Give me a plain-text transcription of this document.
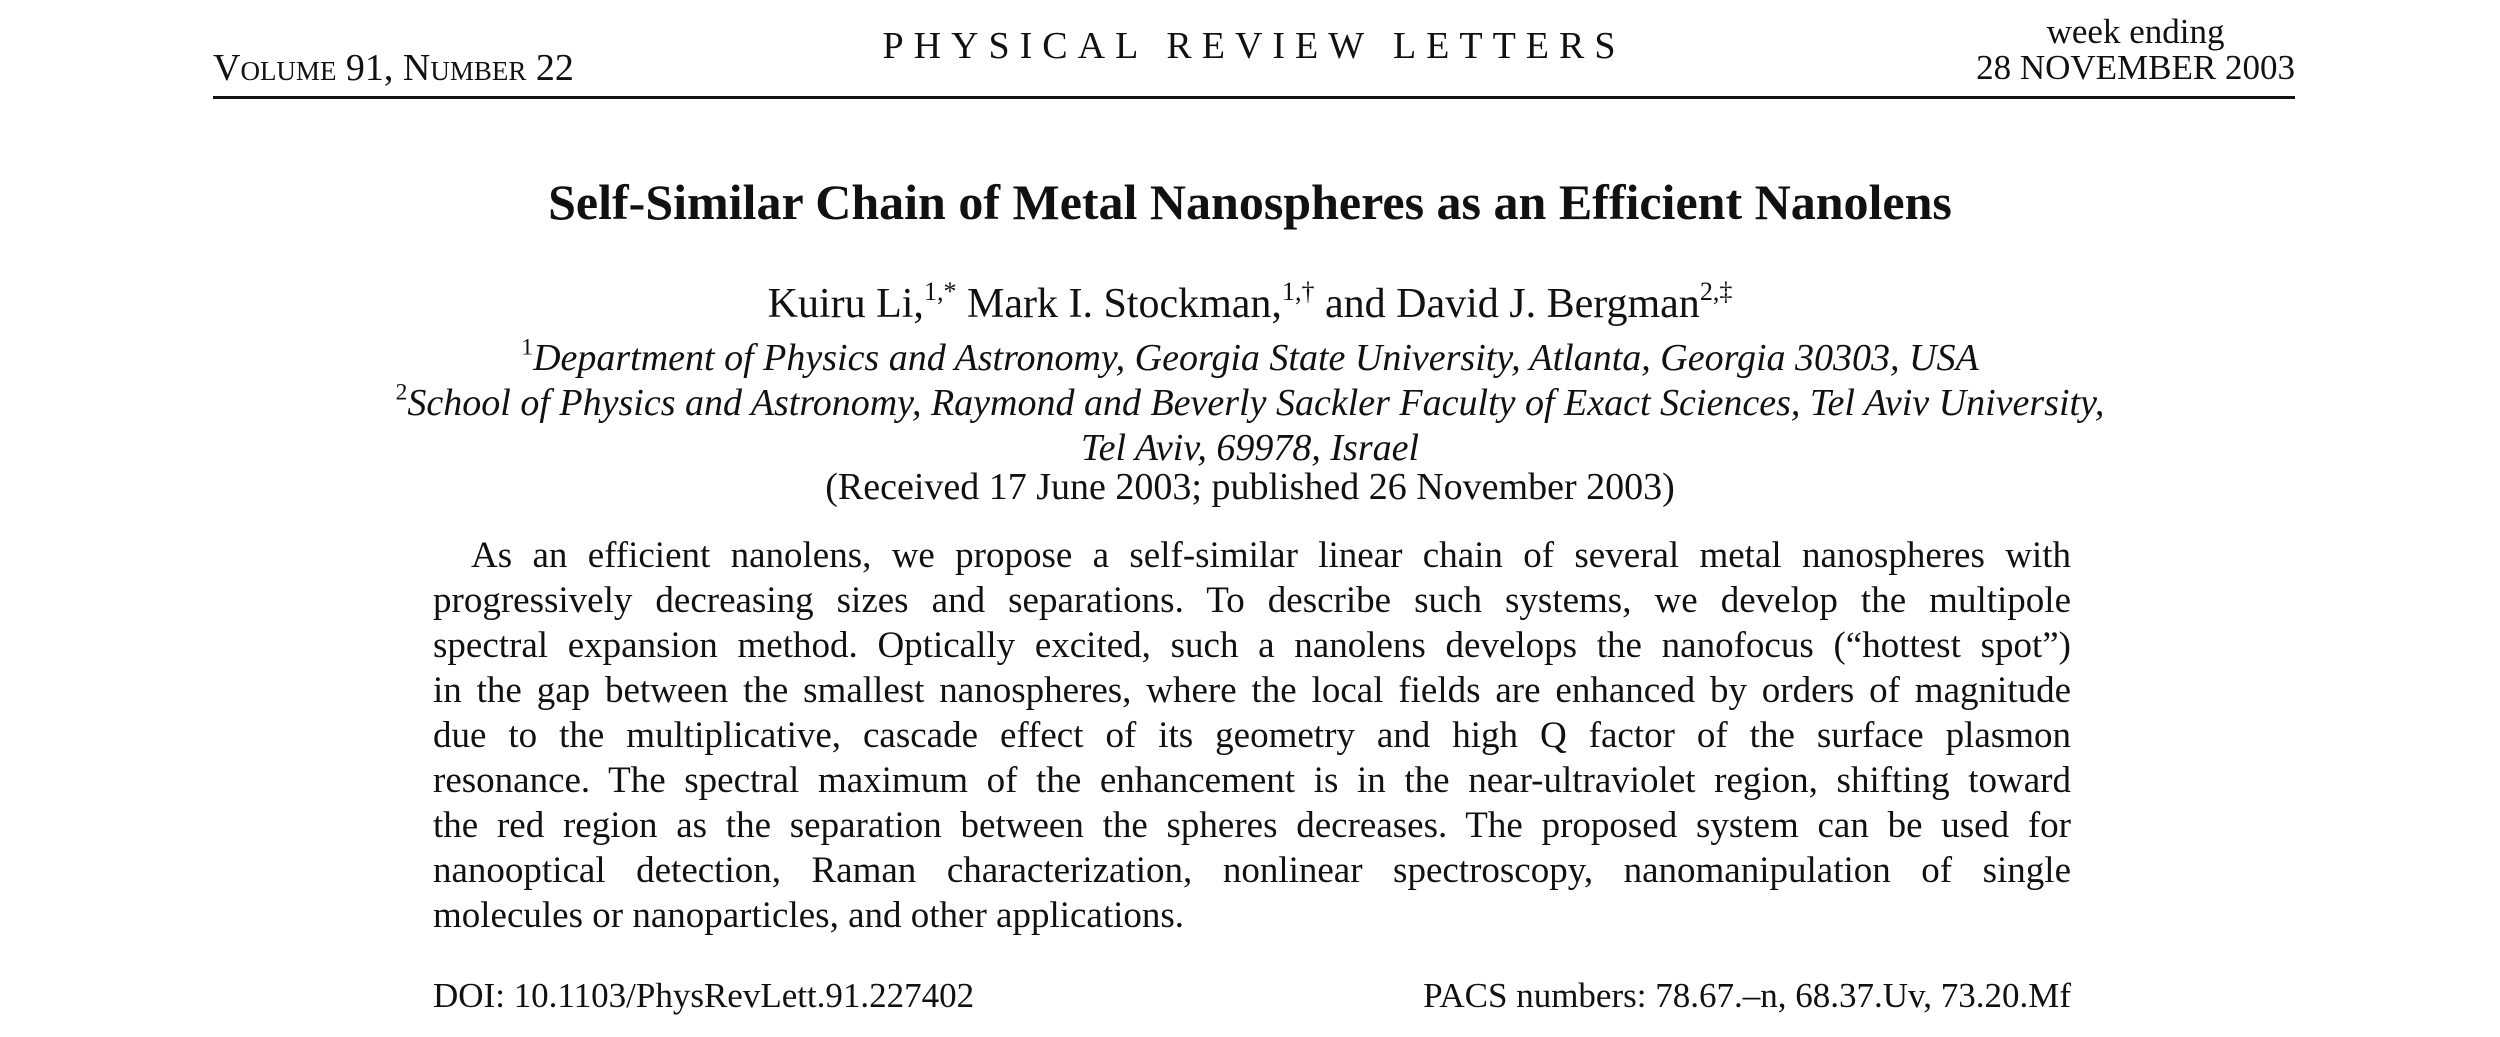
Volume 91, Number 22
PHYSICAL REVIEW LETTERS	week ending
28 NOVEMBER 2003
Self-Similar Chain of Metal Nanospheres as an Efficient Nanolens
Kuiru Li,$^{1,*}$ Mark I. Stockman,$^{1,\dagger}$ and David J. Bergman$^{2,\ddagger}$
$^1$Department of Physics and Astronomy, Georgia State University, Atlanta, Georgia 30303, USA
$^2$School of Physics and Astronomy, Raymond and Beverly Sackler Faculty of Exact Sciences, Tel Aviv University,
Tel Aviv, 69978, Israel
(Received 17 June 2003; published 26 November 2003)
As an efficient nanolens, we propose a self-similar linear chain of several metal nanospheres with
progressively decreasing sizes and separations. To describe such systems, we develop the multipole
spectral expansion method. Optically excited, such a nanolens develops the nanofocus (“hottest spot”)
in the gap between the smallest nanospheres, where the local fields are enhanced by orders of magnitude
due to the multiplicative, cascade effect of its geometry and high Q factor of the surface plasmon
resonance. The spectral maximum of the enhancement is in the near-ultraviolet region, shifting toward
the red region as the separation between the spheres decreases. The proposed system can be used for
nanooptical detection, Raman characterization, nonlinear spectroscopy, nanomanipulation of single
molecules or nanoparticles, and other applications.
DOI: 10.1103/PhysRevLett.91.227402	PACS numbers: 78.67.–n, 68.37.Uv, 73.20.Mf
